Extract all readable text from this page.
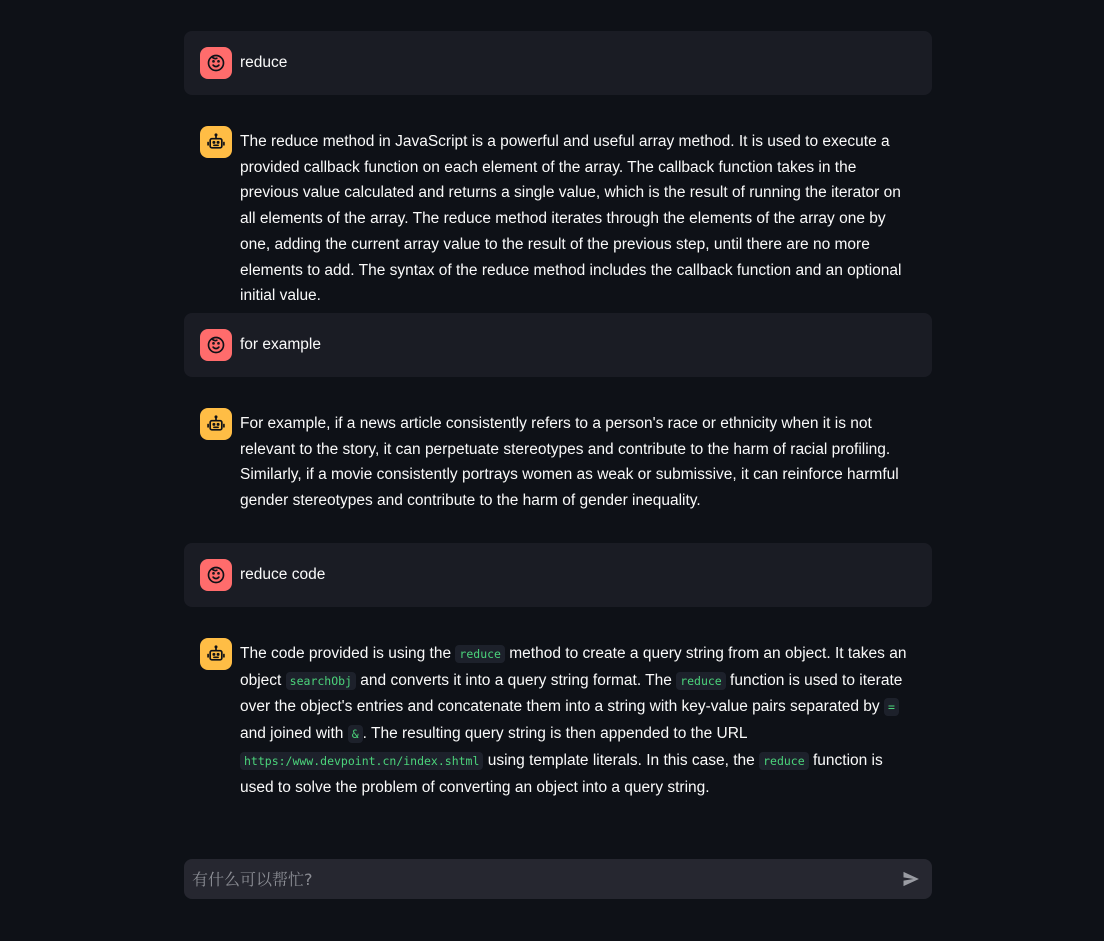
reduce
The reduce method in JavaScript is a powerful and useful array method. It is used to execute a provided callback function on each element of the array. The callback function takes in the previous value calculated and returns a single value, which is the result of running the iterator on all elements of the array. The reduce method iterates through the elements of the array one by one, adding the current array value to the result of the previous step, until there are no more elements to add. The syntax of the reduce method includes the callback function and an optional initial value.
for example
For example, if a news article consistently refers to a person's race or ethnicity when it is not relevant to the story, it can perpetuate stereotypes and contribute to the harm of racial profiling. Similarly, if a movie consistently portrays women as weak or submissive, it can reinforce harmful gender stereotypes and contribute to the harm of gender inequality.
reduce code
The code provided is using the reduce method to create a query string from an object. It takes an object searchObj and converts it into a query string format. The reduce function is used to iterate over the object's entries and concatenate them into a string with key-value pairs separated by = and joined with & . The resulting query string is then appended to the URL https:/www.devpoint.cn/index.shtml using template literals. In this case, the reduce function is used to solve the problem of converting an object into a query string.
有什么可以帮忙?
